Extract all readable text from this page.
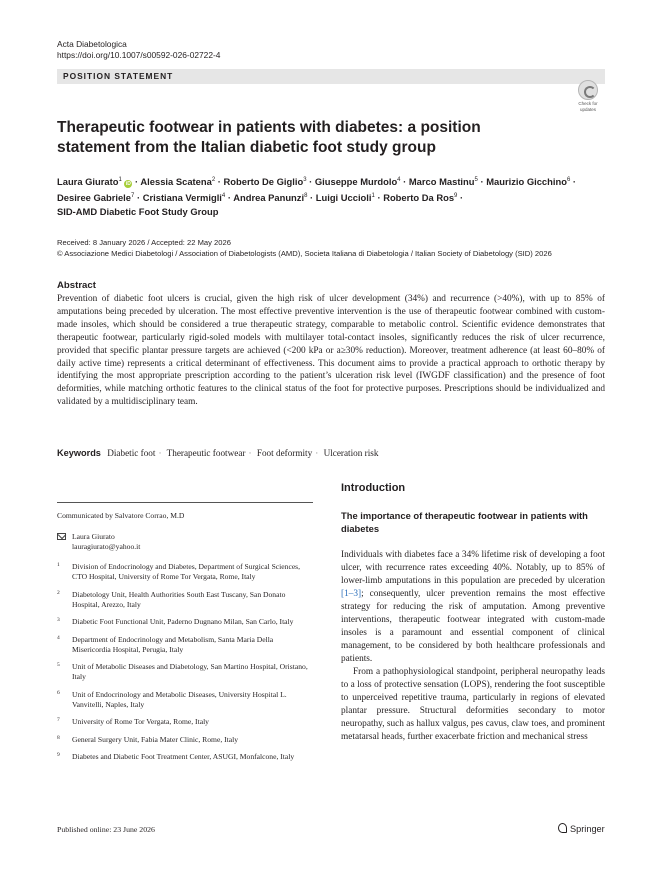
Acta Diabetologica
https://doi.org/10.1007/s00592-026-02722-4
POSITION STATEMENT
Check for
updates
Therapeutic footwear in patients with diabetes: a position statement from the Italian diabetic foot study group
Laura Giurato$^1$ iD · Alessia Scatena$^2$ · Roberto De Giglio$^3$ · Giuseppe Murdolo$^4$ · Marco Mastinu$^5$ · Maurizio Gicchino$^6$ ·
Desiree Gabriele$^7$ · Cristiana Vermigli$^4$ · Andrea Panunzi$^8$ · Luigi Uccioli$^1$ · Roberto Da Ros$^9$ ·
SID-AMD Diabetic Foot Study Group
Received: 8 January 2026 / Accepted: 22 May 2026
© Associazione Medici Diabetologi / Association of Diabetologists (AMD), Societa Italiana di Diabetologia / Italian Society of Diabetology (SID) 2026
Abstract

Prevention of diabetic foot ulcers is crucial, given the high risk of ulcer development (34%) and recurrence (>40%), with up to 85% of amputations being preceded by ulceration. The most effective preventive intervention is the use of therapeutic footwear combined with custom-made insoles, which should be considered a true therapeutic strategy, comparable to metabolic control. Scientific evidence demonstrates that therapeutic footwear, particularly rigid-soled models with multilayer total-contact insoles, significantly reduces the risk of ulcer recurrence, provided that specific plantar pressure targets are achieved (<200 kPa or a≥30% reduction). Moreover, treatment adherence (at least 60–80% of daily active time) represents a critical determinant of effectiveness. This document aims to provide a practical approach to orthotic therapy by identifying the most appropriate prescription according to the patient’s ulceration risk level (IWGDF classification) and the presence of foot deformities, while matching orthotic features to the clinical status of the foot for protective purposes. Prescriptions should be individualized and validated by a multidisciplinary team.

Keywords Diabetic foot · Therapeutic footwear · Foot deformity · Ulceration risk
Communicated by Salvatore Corrao, M.D
Laura Giurato
lauragiurato@yahoo.it
1 Division of Endocrinology and Diabetes, Department of Surgical Sciences, CTO Hospital, University of Rome Tor Vergata, Rome, Italy
2 Diabetology Unit, Health Authorities South East Tuscany, San Donato Hospital, Arezzo, Italy
3 Diabetic Foot Functional Unit, Paderno Dugnano Milan, San Carlo, Italy
4 Department of Endocrinology and Metabolism, Santa Maria Della Misericordia Hospital, Perugia, Italy
5 Unit of Metabolic Diseases and Diabetology, San Martino Hospital, Oristano, Italy
6 Unit of Endocrinology and Metabolic Diseases, University Hospital L. Vanvitelli, Naples, Italy
7 University of Rome Tor Vergata, Rome, Italy
8 General Surgery Unit, Fabia Mater Clinic, Rome, Italy
9 Diabetes and Diabetic Foot Treatment Center, ASUGI, Monfalcone, Italy
Introduction
The importance of therapeutic footwear in patients with diabetes

Individuals with diabetes face a 34% lifetime risk of developing a foot ulcer, with recurrence rates exceeding 40%. Notably, up to 85% of lower-limb amputations in this population are preceded by ulceration [1–3]; consequently, ulcer prevention remains the most effective strategy for reducing the risk of amputation. Among preventive interventions, therapeutic footwear integrated with custom-made insoles is a paramount and essential component of clinical management, to be considered by both healthcare professionals and patients.

From a pathophysiological standpoint, peripheral neuropathy leads to a loss of protective sensation (LOPS), rendering the foot susceptible to unperceived repetitive trauma, particularly in regions of elevated plantar pressure. Structural deformities secondary to motor neuropathy, such as hallux valgus, pes cavus, claw toes, and prominent metatarsal heads, further exacerbate friction and mechanical stress

Published online: 23 June 2026	Springer
